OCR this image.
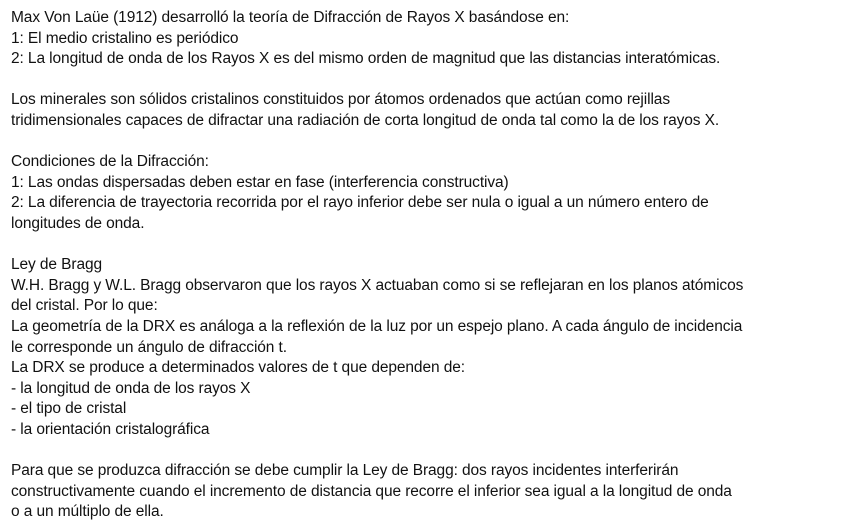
Max Von Laüe (1912) desarrolló la teoría de Difracción de Rayos X basándose en:
1: El medio cristalino es periódico
2: La longitud de onda de los Rayos X es del mismo orden de magnitud que las distancias interatómicas.

Los minerales son sólidos cristalinos constituidos por átomos ordenados que actúan como rejillas
tridimensionales capaces de difractar una radiación de corta longitud de onda tal como la de los rayos X.

Condiciones de la Difracción:
1: Las ondas dispersadas deben estar en fase (interferencia constructiva)
2: La diferencia de trayectoria recorrida por el rayo inferior debe ser nula o igual a un número entero de
longitudes de onda.

Ley de Bragg
W.H. Bragg y W.L. Bragg observaron que los rayos X actuaban como si se reflejaran en los planos atómicos
del cristal. Por lo que:
La geometría de la DRX es análoga a la reflexión de la luz por un espejo plano. A cada ángulo de incidencia
le corresponde un ángulo de difracción t.
La DRX se produce a determinados valores de t que dependen de:
- la longitud de onda de los rayos X
- el tipo de cristal
- la orientación cristalográfica

Para que se produzca difracción se debe cumplir la Ley de Bragg: dos rayos incidentes interferirán
constructivamente cuando el incremento de distancia que recorre el inferior sea igual a la longitud de onda
o a un múltiplo de ella.
